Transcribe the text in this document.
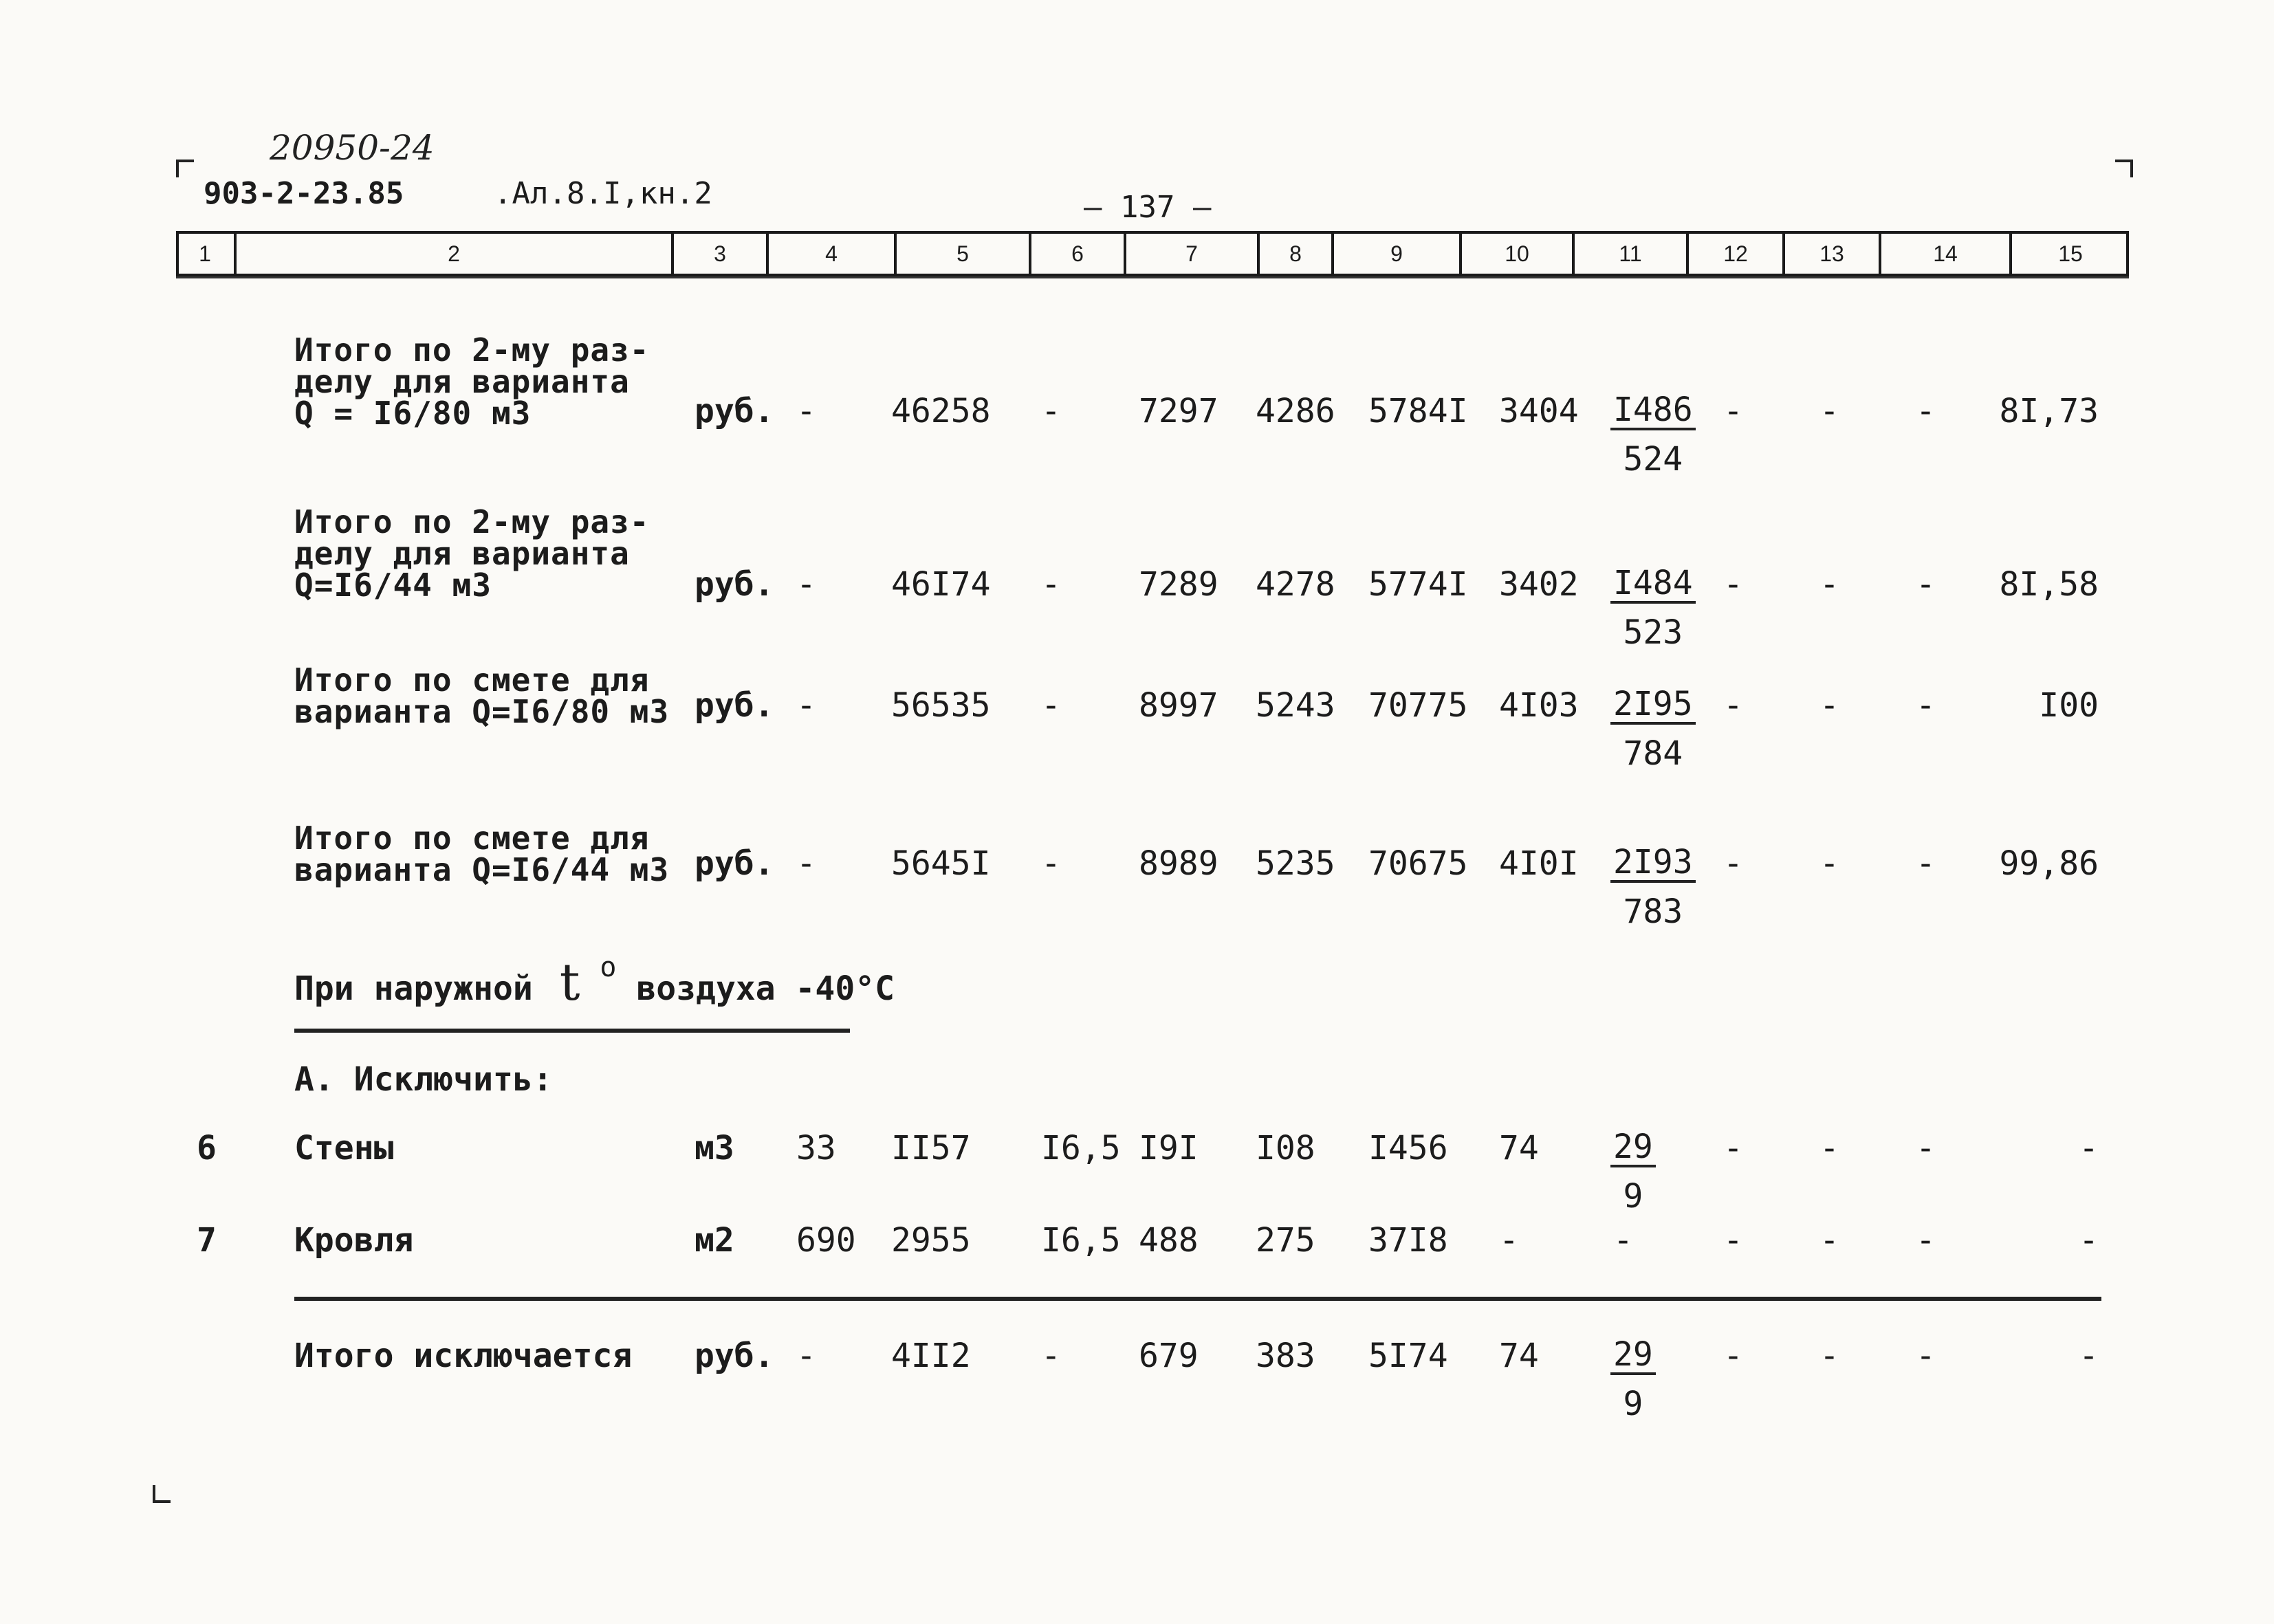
20950-24
903-2-23.85	.Ал.8.I,кн.2	— 137 —
1	2	3	4	5	6	7	8	9	10	11	12	13	14	15
Итого по 2-му раз-
делу для варианта
Q = I6/80 м3	руб. - 46258 - 7297 4286 5784I $3404 \frac{I486}{524}$ - - - 8I,73
Итого по 2-му раз-
делу для варианта
Q=I6/44 м3	руб. - 46I74 - 7289 4278 5774I $3402 \frac{I484}{523}$ - - - 8I,58
Итого по смете для
варианта Q=I6/80 м3 руб. - 56535 - 8997 5243 70775 $4I03 \frac{2I95}{784}$ - - -	I00
Итого по смете для
варианта Q=I6/44 м3 руб. - 5645I - 8989 5235 70675 $4I0I \frac{2I93}{783}$ - - - 99,86
6 Стены	м3 33 II57 I6,5 I9I I08 I456 $74 \frac{29}{9}$ - - -	-
7 Кровля	м2 690 2955 I6,5 488 275 37I8 -	-	- - -	-
Итого исключается руб. - 4II2 - 679 383 5I74 $74 \frac{29}{9}$ - - -	-
При наружной t $^o$ воздуха -40°С
А. Исключить:
